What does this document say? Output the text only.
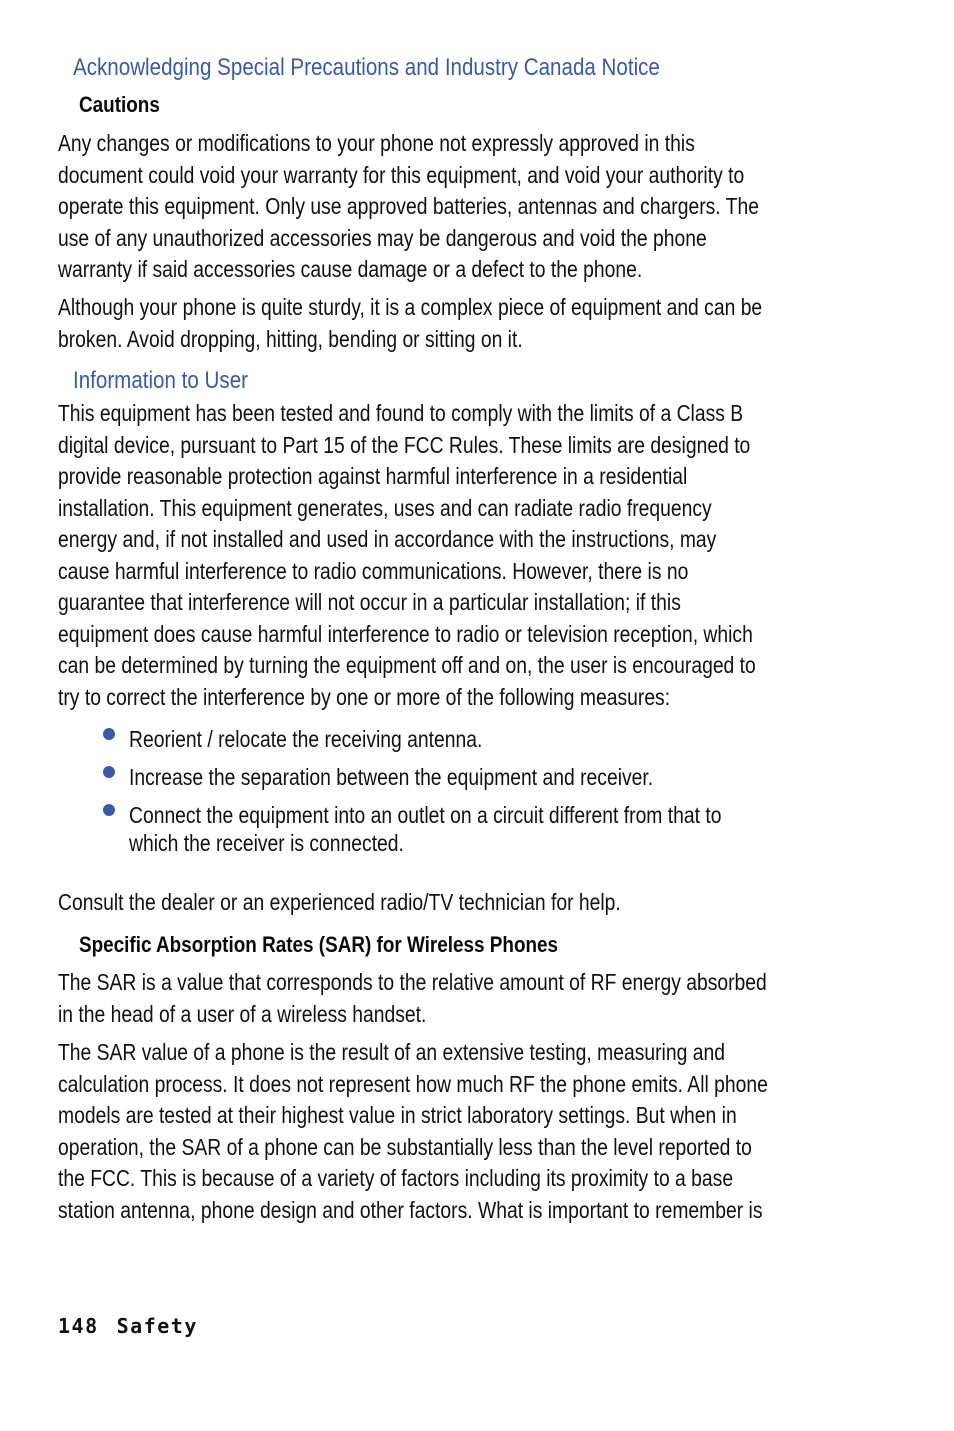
Acknowledging Special Precautions and Industry Canada Notice
Cautions
Any changes or modifications to your phone not expressly approved in this
document could void your warranty for this equipment, and void your authority to
operate this equipment. Only use approved batteries, antennas and chargers. The
use of any unauthorized accessories may be dangerous and void the phone
warranty if said accessories cause damage or a defect to the phone.
Although your phone is quite sturdy, it is a complex piece of equipment and can be
broken. Avoid dropping, hitting, bending or sitting on it.
Information to User
This equipment has been tested and found to comply with the limits of a Class B
digital device, pursuant to Part 15 of the FCC Rules. These limits are designed to
provide reasonable protection against harmful interference in a residential
installation. This equipment generates, uses and can radiate radio frequency
energy and, if not installed and used in accordance with the instructions, may
cause harmful interference to radio communications. However, there is no
guarantee that interference will not occur in a particular installation; if this
equipment does cause harmful interference to radio or television reception, which
can be determined by turning the equipment off and on, the user is encouraged to
try to correct the interference by one or more of the following measures:
Reorient / relocate the receiving antenna.
Increase the separation between the equipment and receiver.
Connect the equipment into an outlet on a circuit different from that to
which the receiver is connected.
Consult the dealer or an experienced radio/TV technician for help.
Specific Absorption Rates (SAR) for Wireless Phones
The SAR is a value that corresponds to the relative amount of RF energy absorbed
in the head of a user of a wireless handset.
The SAR value of a phone is the result of an extensive testing, measuring and
calculation process. It does not represent how much RF the phone emits. All phone
models are tested at their highest value in strict laboratory settings. But when in
operation, the SAR of a phone can be substantially less than the level reported to
the FCC. This is because of a variety of factors including its proximity to a base
station antenna, phone design and other factors. What is important to remember is
148 Safety
